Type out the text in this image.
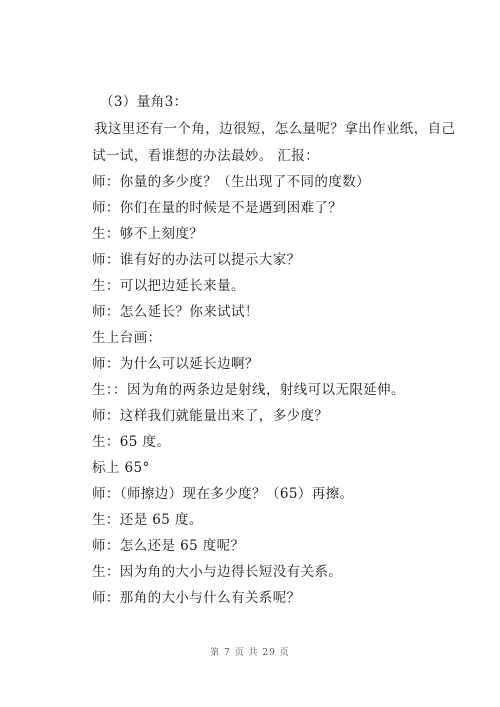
（3）量角3：
我这里还有一个角，边很短，怎么量呢？拿出作业纸，自己
试一试，看谁想的办法最妙。 汇报：
师：你量的多少度？（生出现了不同的度数）
师：你们在量的时候是不是遇到困难了？
生：够不上刻度？
师：谁有好的办法可以提示大家？
生：可以把边延长来量。
师：怎么延长？你来试试！
生上台画：
师：为什么可以延长边啊？
生：：因为角的两条边是射线，射线可以无限延伸。
师：这样我们就能量出来了，多少度？
生：65 度。
标上 65°
师：（师擦边）现在多少度？（65）再擦。
生：还是 65 度。
师：怎么还是 65 度呢？
生：因为角的大小与边得长短没有关系。
师：那角的大小与什么有关系呢？
第 7 页 共 29 页
